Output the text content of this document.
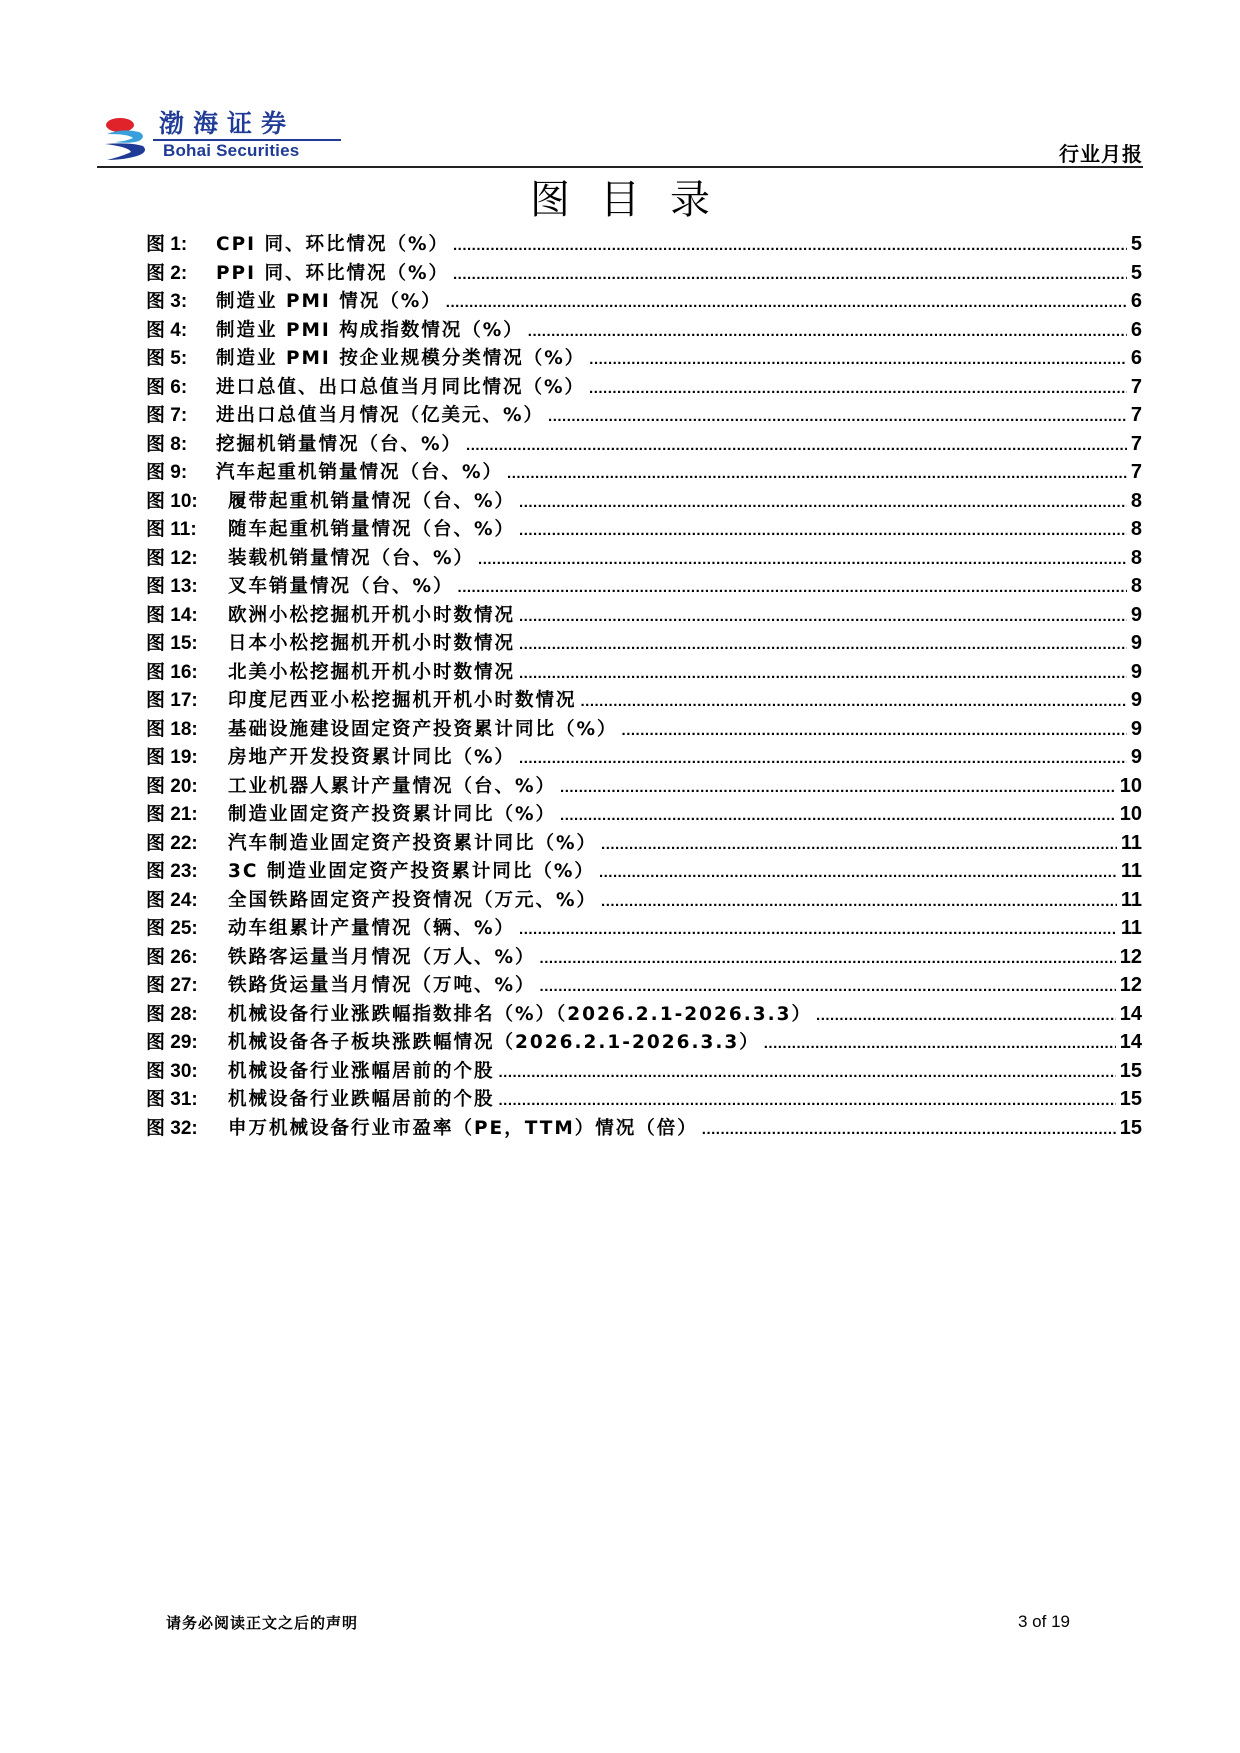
渤海证券
Bohai Securities	行业月报
图目录
图 1:	CPI 同、环比情况（%） .....	5
图 2:	PPI 同、环比情况（%） .....	5
图 3:	制造业 PMI 情况（%） .....	6
图 4:	制造业 PMI 构成指数情况（%） .....	6
图 5:	制造业 PMI 按企业规模分类情况（%） .....	6
图 6:	进口总值、出口总值当月同比情况（%） .....	7
图 7:	进出口总值当月情况（亿美元、%） .....	7
图 8:	挖掘机销量情况（台、%） .....	7
图 9:	汽车起重机销量情况（台、%） .....	7
图 10:	履带起重机销量情况（台、%） .....	8
图 11:	随车起重机销量情况（台、%） .....	8
图 12:	装载机销量情况（台、%） .....	8
图 13:	叉车销量情况（台、%） .....	8
图 14:	欧洲小松挖掘机开机小时数情况 .....	9
图 15:	日本小松挖掘机开机小时数情况 .....	9
图 16:	北美小松挖掘机开机小时数情况 .....	9
图 17:	印度尼西亚小松挖掘机开机小时数情况 .....	9
图 18:	基础设施建设固定资产投资累计同比（%） .....	9
图 19:	房地产开发投资累计同比（%） .....	9
图 20:	工业机器人累计产量情况（台、%） .....	10
图 21:	制造业固定资产投资累计同比（%） .....	10
图 22:	汽车制造业固定资产投资累计同比（%） .....	11
图 23:	3C 制造业固定资产投资累计同比（%） .....	11
图 24:	全国铁路固定资产投资情况（万元、%） .....	11
图 25:	动车组累计产量情况（辆、%） .....	11
图 26:	铁路客运量当月情况（万人、%） .....	12
图 27:	铁路货运量当月情况（万吨、%） .....	12
图 28:	机械设备行业涨跌幅指数排名（%）（2026.2.1-2026.3.3） .....	14
图 29:	机械设备各子板块涨跌幅情况（2026.2.1-2026.3.3） .....	14
图 30:	机械设备行业涨幅居前的个股 .....	15
图 31:	机械设备行业跌幅居前的个股 .....	15
图 32:	申万机械设备行业市盈率（PE，TTM）情况（倍） .....	15
请务必阅读正文之后的声明	3 of 19
